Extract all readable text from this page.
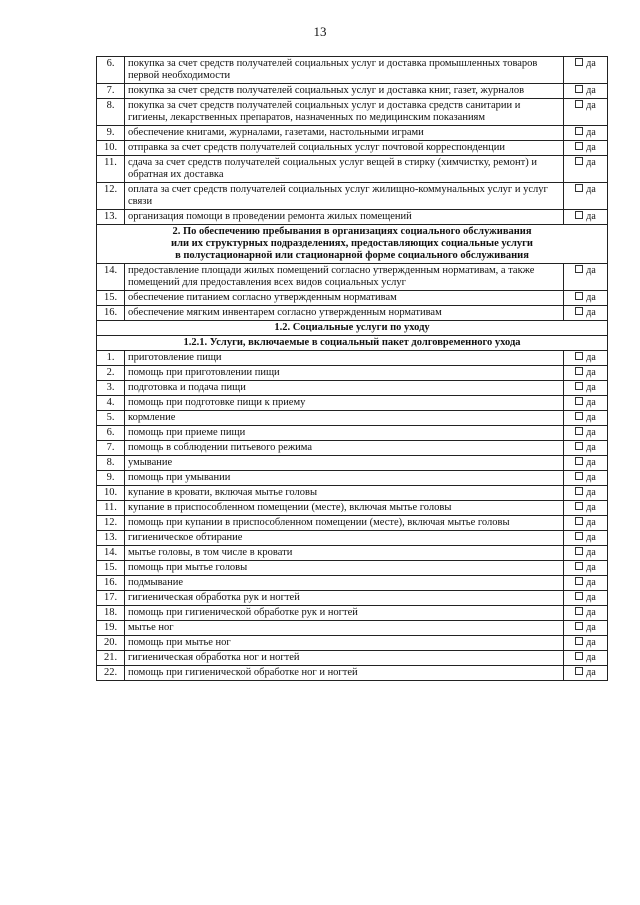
13
6.	покупка за счет средств получателей социальных услуг и доставка промышленных товаров первой необходимости	да
7.	покупка за счет средств получателей социальных услуг и доставка книг, газет, журналов	да
8.	покупка за счет средств получателей социальных услуг и доставка средств санитарии и гигиены, лекарственных препаратов, назначенных по медицинским показаниям	да
9.	обеспечение книгами, журналами, газетами, настольными играми	да
10.	отправка за счет средств получателей социальных услуг почтовой корреспонденции	да
11.	сдача за счет средств получателей социальных услуг вещей в стирку (химчистку, ремонт) и обратная их доставка	да
12.	оплата за счет средств получателей социальных услуг жилищно-коммунальных услуг и услуг связи	да
13.	организация помощи в проведении ремонта жилых помещений	да

2. По обеспечению пребывания в организациях социального обслуживания
или их структурных подразделениях, предоставляющих социальные услуги
в полустационарной или стационарной форме социального обслуживания		

14.	предоставление площади жилых помещений согласно утвержденным нормативам, а также помещений для предоставления всех видов социальных услуг	да
15.	обеспечение питанием согласно утвержденным нормативам	да
16.	обеспечение мягким инвентарем согласно утвержденным нормативам	да
1.2. Социальные услуги по уходу		
1.2.1. Услуги, включаемые в социальный пакет долговременного ухода		
1.	приготовление пищи	да
2.	помощь при приготовлении пищи	да
3.	подготовка и подача пищи	да
4.	помощь при подготовке пищи к приему	да
5.	кормление	да
6.	помощь при приеме пищи	да
7.	помощь в соблюдении питьевого режима	да
8.	умывание	да
9.	помощь при умывании	да
10.	купание в кровати, включая мытье головы	да
11.	купание в приспособленном помещении (месте), включая мытье головы	да
12.	помощь при купании в приспособленном помещении (месте), включая мытье головы	да
13.	гигиеническое обтирание	да
14.	мытье головы, в том числе в кровати	да
15.	помощь при мытье головы	да
16.	подмывание	да
17.	гигиеническая обработка рук и ногтей	да
18.	помощь при гигиенической обработке рук и ногтей	да
19.	мытье ног	да
20.	помощь при мытье ног	да
21.	гигиеническая обработка ног и ногтей	да
22.	помощь при гигиенической обработке ног и ногтей	да
